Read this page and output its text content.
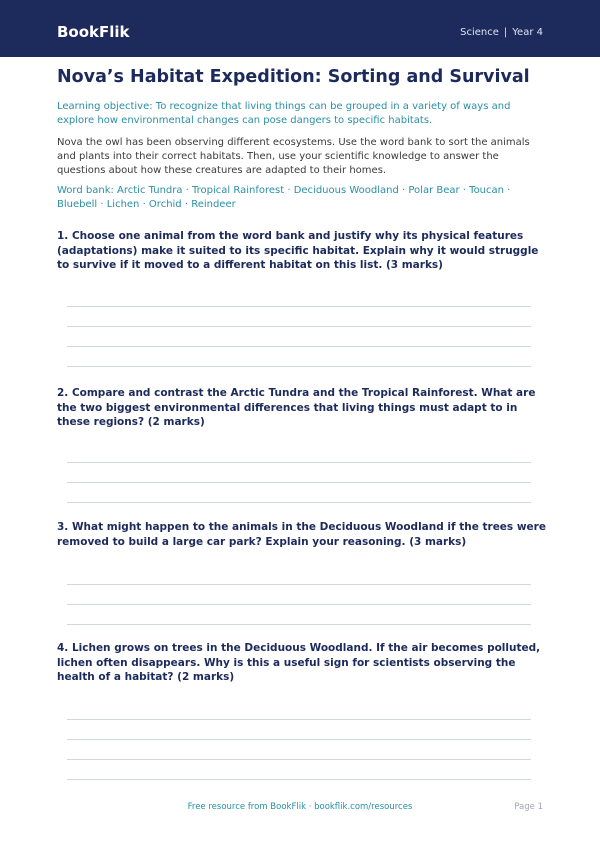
BookFlik	Science | Year 4
Nova’s Habitat Expedition: Sorting and Survival

Learning objective: To recognize that living things can be grouped in a variety of ways and explore how environmental changes can pose dangers to specific habitats.

Nova the owl has been observing different ecosystems. Use the word bank to sort the animals and plants into their correct habitats. Then, use your scientific knowledge to answer the questions about how these creatures are adapted to their homes.

Word bank: Arctic Tundra · Tropical Rainforest · Deciduous Woodland · Polar Bear · Toucan · Bluebell · Lichen · Orchid · Reindeer

1. Choose one animal from the word bank and justify why its physical features (adaptations) make it suited to its specific habitat. Explain why it would struggle to survive if it moved to a different habitat on this list. (3 marks)

2. Compare and contrast the Arctic Tundra and the Tropical Rainforest. What are the two biggest environmental differences that living things must adapt to in these regions? (2 marks)

3. What might happen to the animals in the Deciduous Woodland if the trees were removed to build a large car park? Explain your reasoning. (3 marks)

4. Lichen grows on trees in the Deciduous Woodland. If the air becomes polluted, lichen often disappears. Why is this a useful sign for scientists observing the health of a habitat? (2 marks)

Free resource from BookFlik · bookflik.com/resources	Page 1
